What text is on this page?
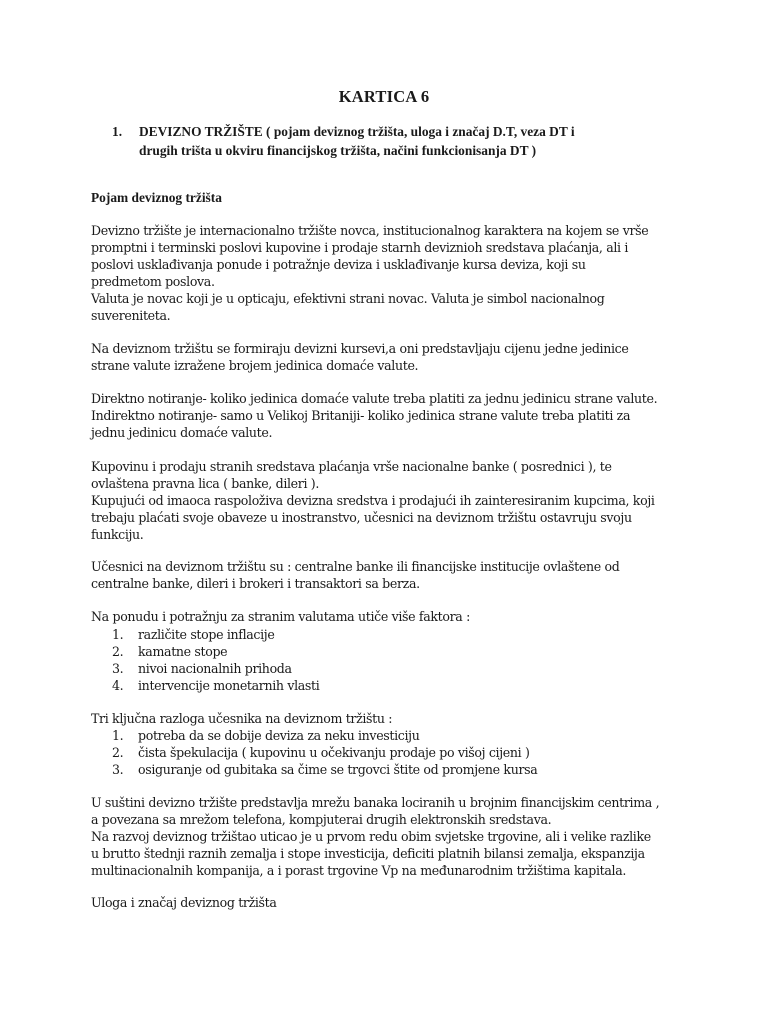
KARTICA 6
1. DEVIZNO TRŽIŠTE ( pojam deviznog tržišta, uloga i značaj D.T, veza DT i
drugih trišta u okviru financijskog tržišta, načini funkcionisanja DT )
Pojam deviznog tržišta
Devizno tržište je internacionalno tržište novca, institucionalnog karaktera na kojem se vrše
promptni i terminski poslovi kupovine i prodaje starnh deviznioh sredstava plaćanja, ali i
poslovi usklađivanja ponude i potražnje deviza i usklađivanje kursa deviza, koji su
predmetom poslova.
Valuta je novac koji je u opticaju, efektivni strani novac. Valuta je simbol nacionalnog
suvereniteta.
Na deviznom tržištu se formiraju devizni kursevi,a oni predstavljaju cijenu jedne jedinice
strane valute izražene brojem jedinica domaće valute.
Direktno notiranje- koliko jedinica domaće valute treba platiti za jednu jedinicu strane valute.
Indirektno notiranje- samo u Velikoj Britaniji- koliko jedinica strane valute treba platiti za
jednu jedinicu domaće valute.
Kupovinu i prodaju stranih sredstava plaćanja vrše nacionalne banke ( posrednici ), te
ovlaštena pravna lica ( banke, dileri ).
Kupujući od imaoca raspoloživa devizna sredstva i prodajući ih zainteresiranim kupcima, koji
trebaju plaćati svoje obaveze u inostranstvo, učesnici na deviznom tržištu ostavruju svoju
funkciju.
Učesnici na deviznom tržištu su : centralne banke ili financijske institucije ovlaštene od
centralne banke, dileri i brokeri i transaktori sa berza.
Na ponudu i potražnju za stranim valutama utiče više faktora :
1. različite stope inflacije
2. kamatne stope
3. nivoi nacionalnih prihoda
4. intervencije monetarnih vlasti
Tri ključna razloga učesnika na deviznom tržištu :
1. potreba da se dobije deviza za neku investiciju
2. čista špekulacija ( kupovinu u očekivanju prodaje po višoj cijeni )
3. osiguranje od gubitaka sa čime se trgovci štite od promjene kursa
U suštini devizno tržište predstavlja mrežu banaka lociranih u brojnim financijskim centrima ,
a povezana sa mrežom telefona, kompjuterai drugih elektronskih sredstava.
Na razvoj deviznog tržištao uticao je u prvom redu obim svjetske trgovine, ali i velike razlike
u brutto štednji raznih zemalja i stope investicija, deficiti platnih bilansi zemalja, ekspanzija
multinacionalnih kompanija, a i porast trgovine Vp na međunarodnim tržištima kapitala.
Uloga i značaj deviznog tržišta
